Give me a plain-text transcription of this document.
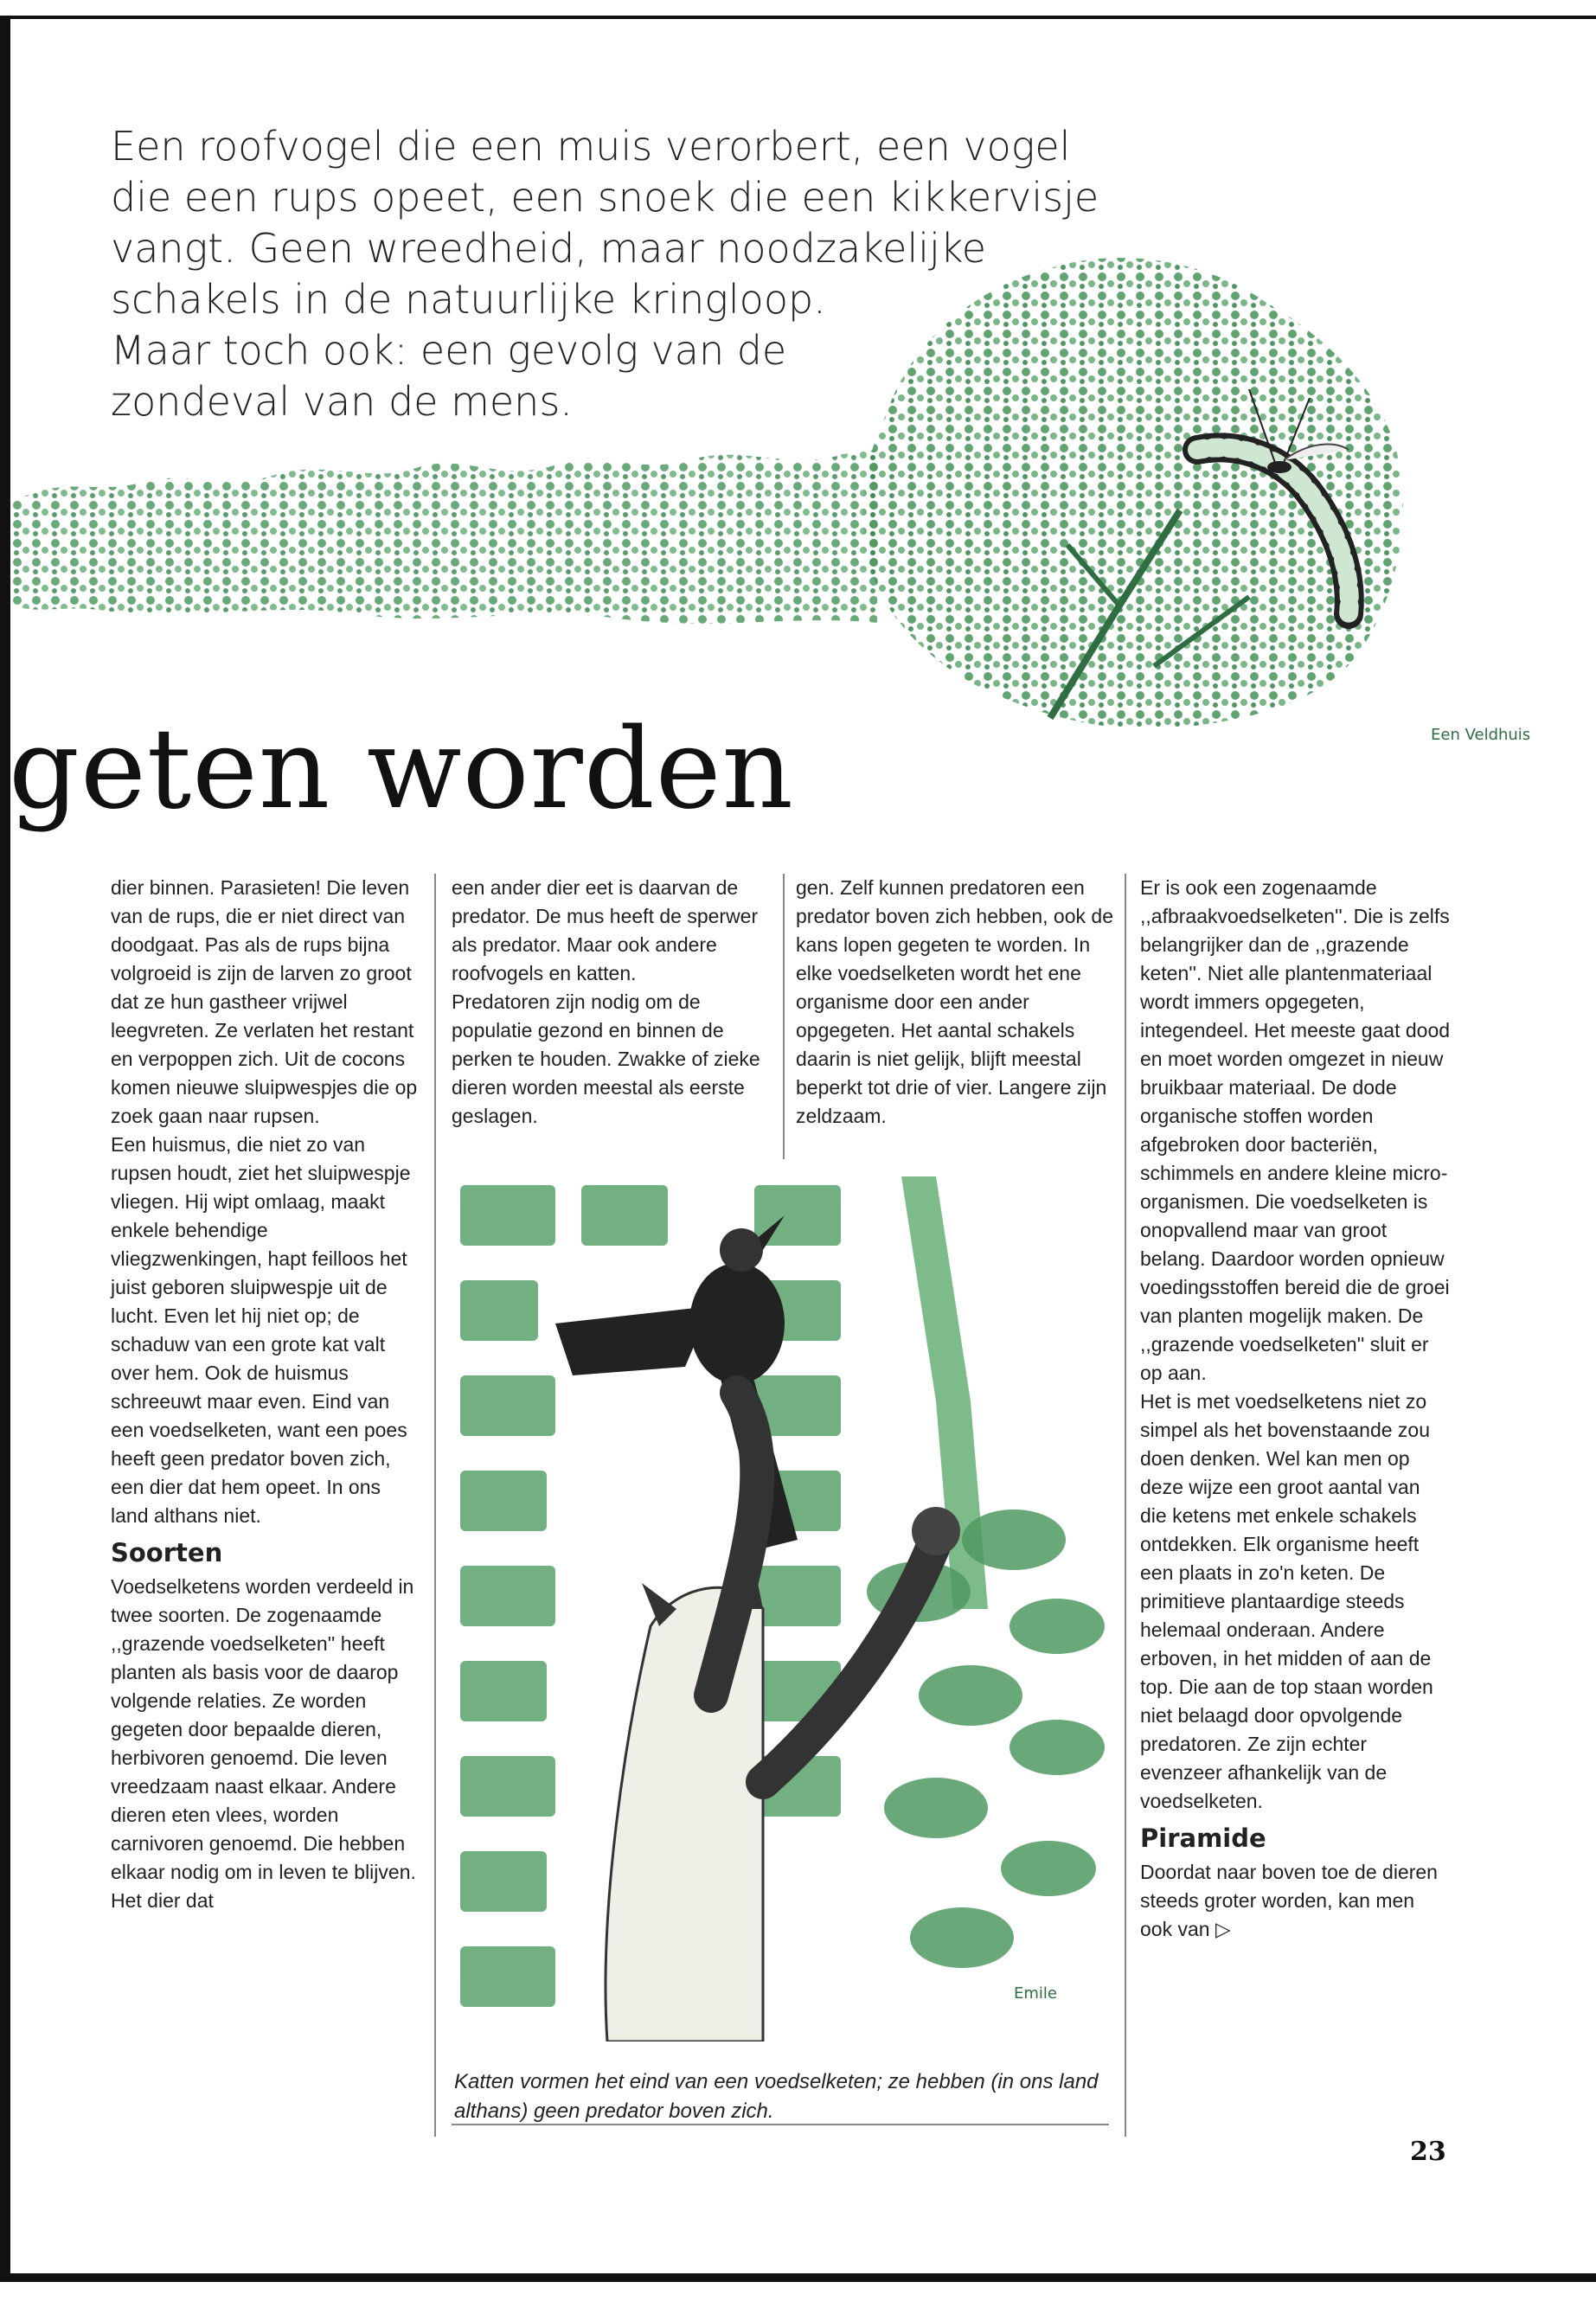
Een Veldhuis
Een roofvogel die een muis verorbert, een vogel
die een rups opeet, een snoek die een kikkervisje
vangt. Geen wreedheid, maar noodzakelijke
schakels in de natuurlijke kringloop.
Maar toch ook: een gevolg van de
zondeval van de mens.
geten worden

dier binnen. Parasieten! Die leven van de rups, die er niet direct van doodgaat. Pas als de rups bijna volgroeid is zijn de larven zo groot dat ze hun gastheer vrijwel leegvreten. Ze verlaten het restant en verpoppen zich. Uit de cocons komen nieuwe sluipwespjes die op zoek gaan naar rupsen.

Een huismus, die niet zo van rupsen houdt, ziet het sluipwespje vliegen. Hij wipt omlaag, maakt enkele behendige vliegzwenkingen, hapt feilloos het juist geboren sluipwespje uit de lucht. Even let hij niet op; de schaduw van een grote kat valt over hem. Ook de huismus schreeuwt maar even. Eind van een voedselketen, want een poes heeft geen predator boven zich, een dier dat hem opeet. In ons land althans niet.

Soorten

Voedselketens worden verdeeld in twee soorten. De zogenaamde ,,grazende voedselketen'' heeft planten als basis voor de daarop volgende relaties. Ze worden gegeten door bepaalde dieren, herbivoren genoemd. Die leven vreedzaam naast elkaar. Andere dieren eten vlees, worden carnivoren genoemd. Die hebben elkaar nodig om in leven te blijven. Het dier dat

een ander dier eet is daarvan de predator. De mus heeft de sperwer als predator. Maar ook andere roofvogels en katten.

Predatoren zijn nodig om de populatie gezond en binnen de perken te houden. Zwakke of zieke dieren worden meestal als eerste geslagen.

gen. Zelf kunnen predatoren een predator boven zich hebben, ook de kans lopen gegeten te worden. In elke voedselketen wordt het ene organisme door een ander opgegeten. Het aantal schakels daarin is niet gelijk, blijft meestal beperkt tot drie of vier. Langere zijn zeldzaam.

Er is ook een zogenaamde ,,afbraakvoedselketen''. Die is zelfs belangrijker dan de ,,grazende keten''. Niet alle plantenmateriaal wordt immers opgegeten, integendeel. Het meeste gaat dood en moet worden omgezet in nieuw bruikbaar materiaal. De dode organische stoffen worden afgebroken door bacteriën, schimmels en andere kleine micro-organismen. Die voedselketen is onopvallend maar van groot belang. Daardoor worden opnieuw voedingsstoffen bereid die de groei van planten mogelijk maken. De ,,grazende voedselketen'' sluit er op aan.

Het is met voedselketens niet zo simpel als het bovenstaande zou doen denken. Wel kan men op deze wijze een groot aantal van die ketens met enkele schakels ontdekken. Elk organisme heeft een plaats in zo'n keten. De primitieve plantaardige steeds helemaal onderaan. Andere erboven, in het midden of aan de top. Die aan de top staan worden niet belaagd door opvolgende predatoren. Ze zijn echter evenzeer afhankelijk van de voedselketen.

Piramide

Doordat naar boven toe de dieren steeds groter worden, kan men ook van ▷

Emile
Katten vormen het eind van een voedselketen; ze hebben (in ons land althans) geen predator boven zich.
23
